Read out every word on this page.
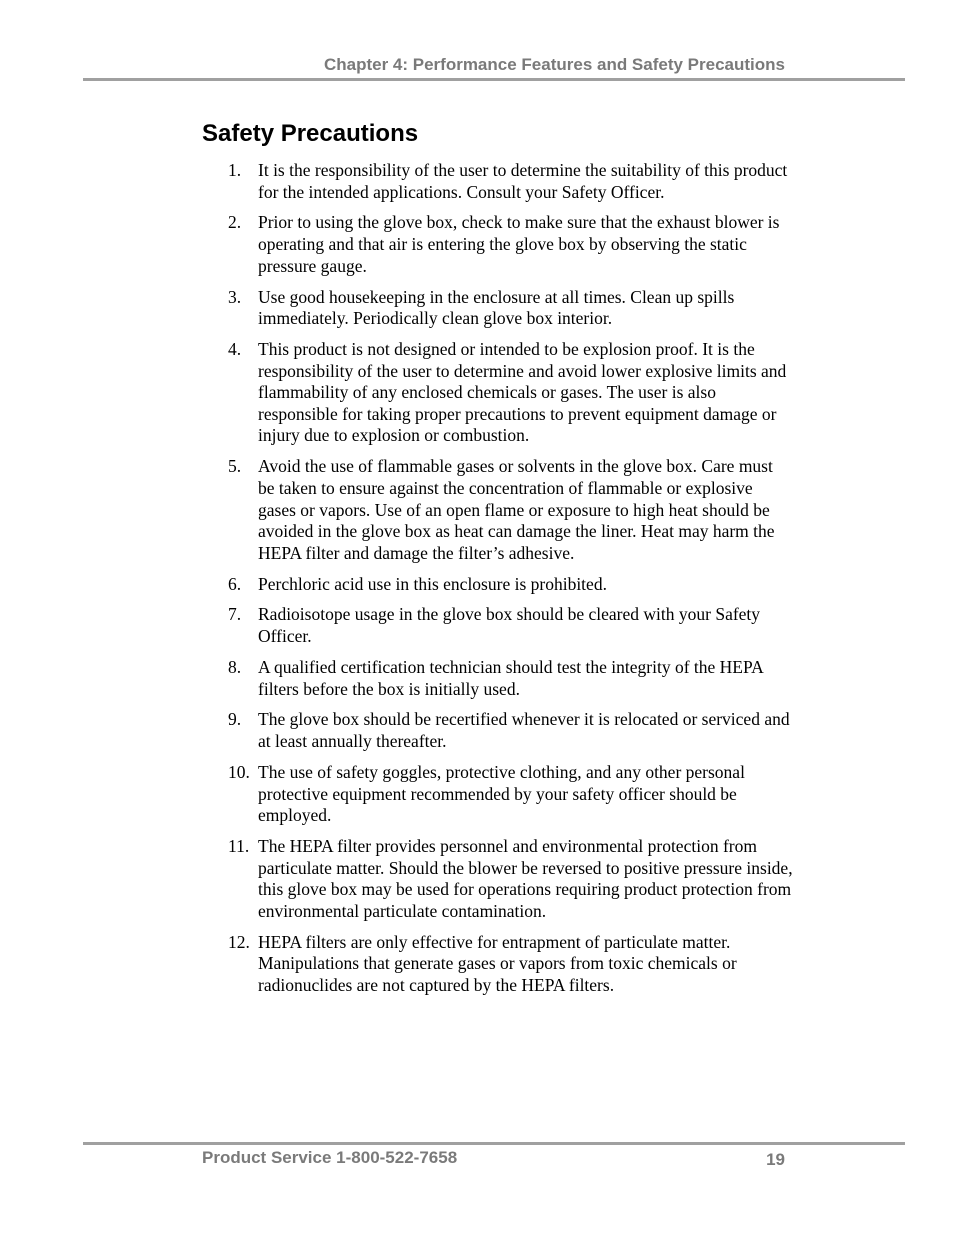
Chapter 4: Performance Features and Safety Precautions
Safety Precautions
1. It is the responsibility of the user to determine the suitability of this product for the intended applications. Consult your Safety Officer.
2. Prior to using the glove box, check to make sure that the exhaust blower is operating and that air is entering the glove box by observing the static pressure gauge.
3. Use good housekeeping in the enclosure at all times. Clean up spills immediately. Periodically clean glove box interior.
4. This product is not designed or intended to be explosion proof. It is the responsibility of the user to determine and avoid lower explosive limits and flammability of any enclosed chemicals or gases. The user is also responsible for taking proper precautions to prevent equipment damage or injury due to explosion or combustion.
5. Avoid the use of flammable gases or solvents in the glove box. Care must be taken to ensure against the concentration of flammable or explosive gases or vapors. Use of an open flame or exposure to high heat should be avoided in the glove box as heat can damage the liner. Heat may harm the HEPA filter and damage the filter’s adhesive.
6. Perchloric acid use in this enclosure is prohibited.
7. Radioisotope usage in the glove box should be cleared with your Safety Officer.
8. A qualified certification technician should test the integrity of the HEPA filters before the box is initially used.
9. The glove box should be recertified whenever it is relocated or serviced and at least annually thereafter.
10. The use of safety goggles, protective clothing, and any other personal protective equipment recommended by your safety officer should be employed.
11. The HEPA filter provides personnel and environmental protection from particulate matter. Should the blower be reversed to positive pressure inside, this glove box may be used for operations requiring product protection from environmental particulate contamination.
12. HEPA filters are only effective for entrapment of particulate matter. Manipulations that generate gases or vapors from toxic chemicals or radionuclides are not captured by the HEPA filters.
Product Service 1-800-522-7658	19
